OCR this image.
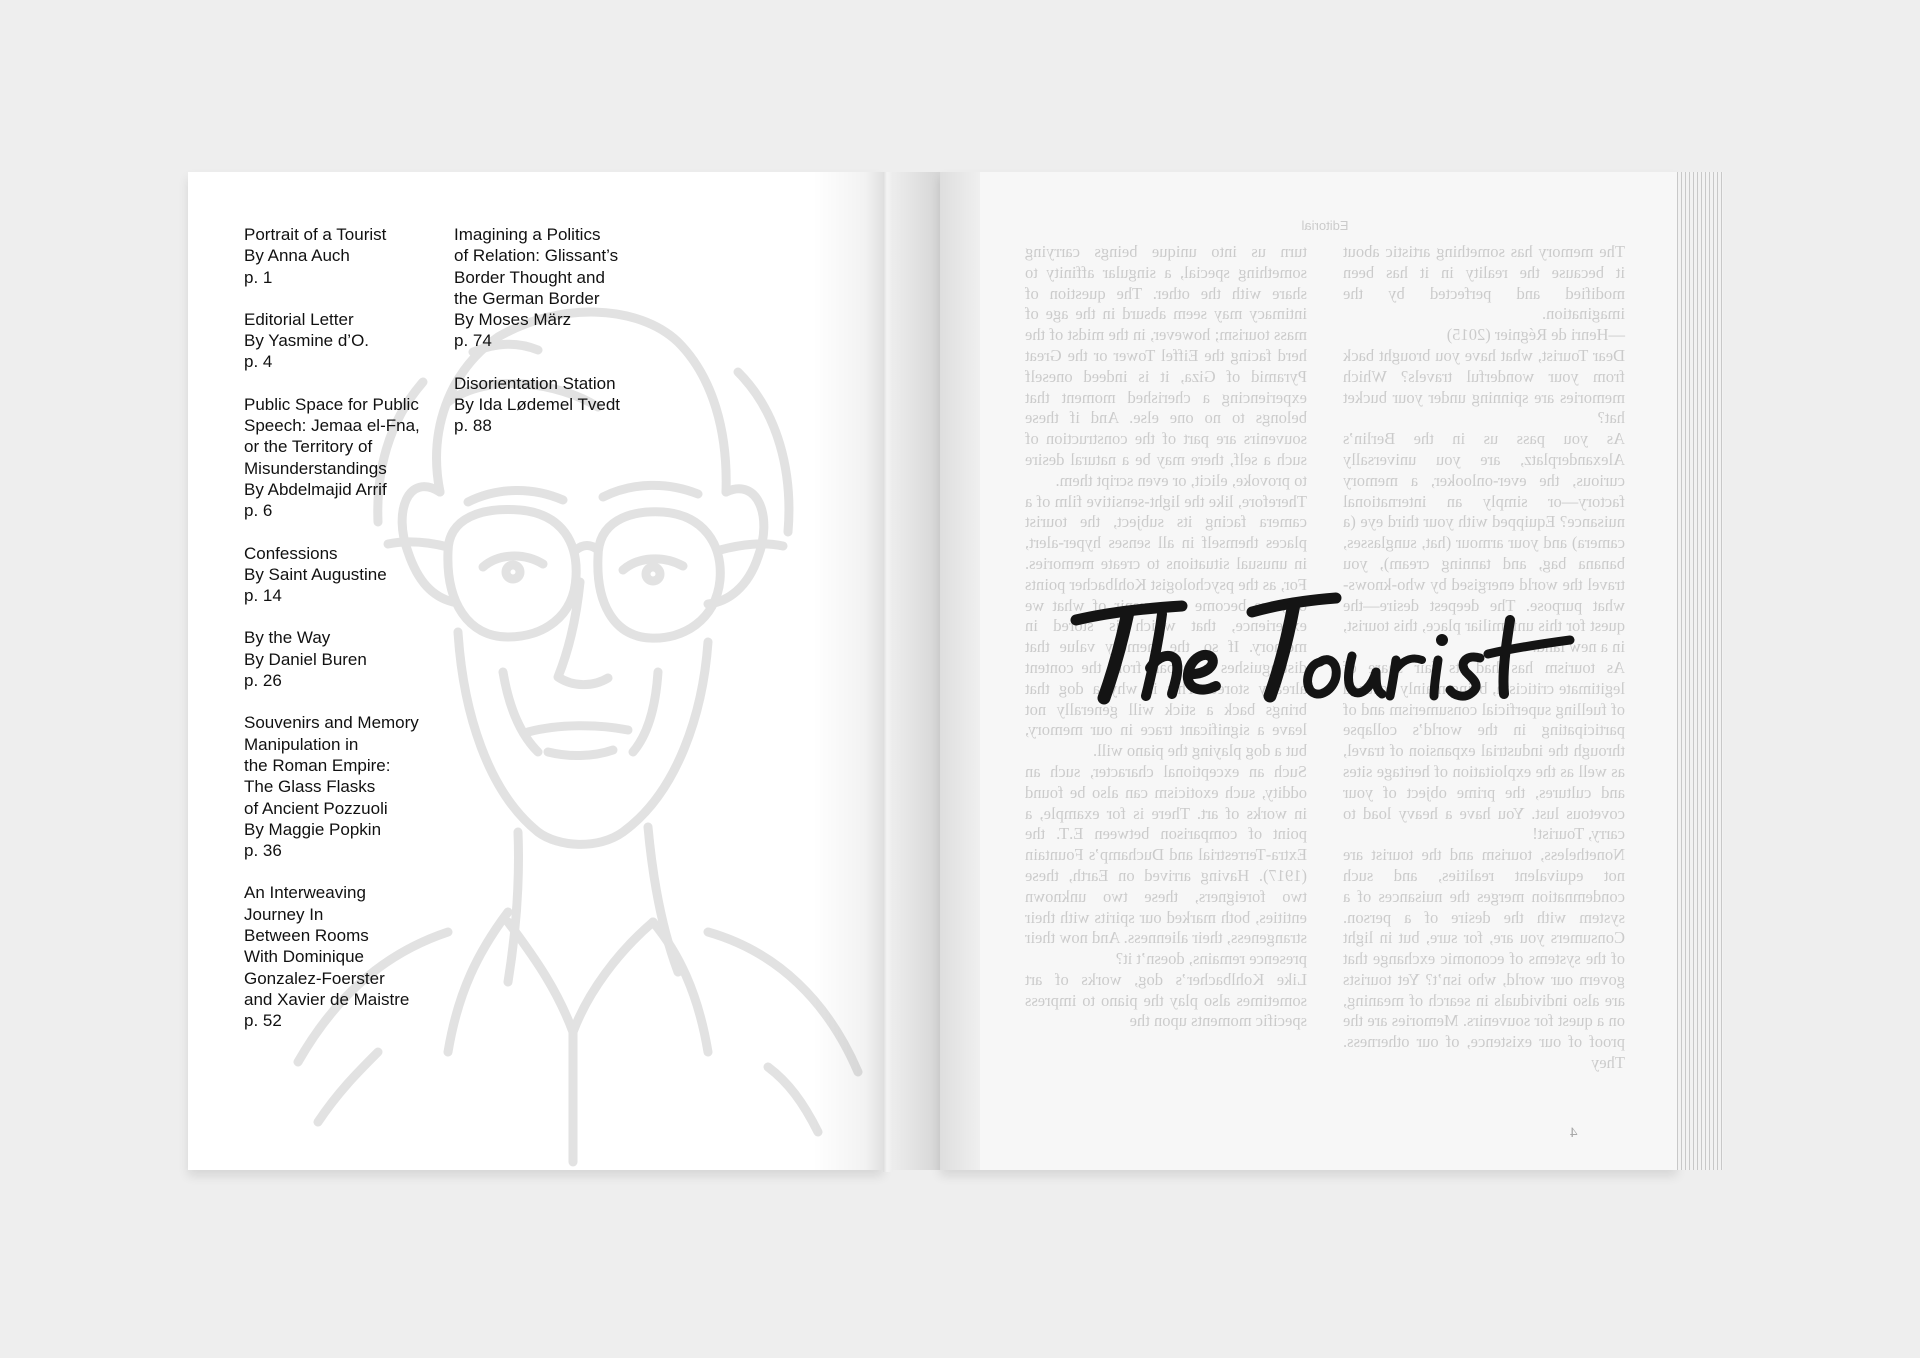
Portrait of a Tourist
By Anna Auch
p. 1
Editorial Letter
By Yasmine d’O.
p. 4
Public Space for Public
Speech: Jemaa el-Fna,
or the Territory of
Misunderstandings
By Abdelmajid Arrif
p. 6
Confessions
By Saint Augustine
p. 14
By the Way
By Daniel Buren
p. 26
Souvenirs and Memory
Manipulation in
the Roman Empire:
The Glass Flasks
of Ancient Pozzuoli
By Maggie Popkin
p. 36
An Interweaving
Journey In
Between Rooms
With Dominique
Gonzalez-Foerster
and Xavier de Maistre
p. 52
Imagining a Politics
of Relation: Glissant’s
Border Thought and
the German Border
By Moses März
p. 74
Disorientation Station
By Ida Lødemel Tvedt
p. 88
Editorial

The memory has something artistic about it because the reality in it has been modified and perfected by the imagination.

—Henri de Régnier (2015)

Dear Tourist, what have you brought back from your wonderful travels? Which memories are spinning under your bucket hat?

As you pass us in the Berlin’s Alexanderplatz, are you universally curious, the ever-onlooker, a memory factory—or simply an international nuisance? Equipped with your third eye (a camera) and your armour (hat, sunglasses, banana bag, and tanning cream), you travel the world energised by who-knows-what purpose. The deepest desire—the quest for this unfamiliar place, this tourist, in a new land.

As tourism has had its fair share of legitimate criticism, being mainly accused of fuelling superficial consumerism and of participating in the world’s collapse through the industrial expansion of travel, as well as the exploitation of heritage sites and cultures, the prime object of your covetous lust. You have a heavy load to carry, Tourist!

Nonetheless, tourism and the tourist are not equivalent realities, and such condemnation merges the nuisances of a system with the desire of a person. Consumers you are, for sure, but in light of the systems of economic exchange that govern our world, who isn’t? Yet tourists are also individuals in search of meaning, on a quest for souvenirs. Memories are the proof of our existence, of our otherness. They

turn us into unique beings carrying something special, a singular affinity to share with the other. The question of intimacy may seem absurd in the age of mass tourism; however, in the midst of the herd facing the Eiffel Tower or the Great Pyramid of Giza, it is indeed oneself experiencing a cherished moment that belongs to no one else. And if these souvenirs are part of the construction of such a self, there may be a natural desire to provoke, elicit, or even script them.

Therefore, like the light-sensitive film of a camera facing its subject, the tourist places themself in all senses hyper-alert, in unusual situations to create memories. For, as the psychologist Kohlbacher points out, we become a souvenir of what we experience, that which is stored in memory. If so, the memory value that distinguishes it in part from the content already stored. This is why a dog that brings back a stick will generally not leave a significant trace in our memory, but a dog playing the piano will.

Such an exceptional character, such an oddity, such exoticism can also be found in works of art. There is for example, a point of comparison between E.T. the Extra-Terrestrial and Duchamp’s Fountain (1917). Having arrived on Earth, these two foreigners, these two unknown entities, both marked our spirits with their strangeness, their alienness. And now their presence remains, doesn’t it?

Like Kohlbacher’s dog, works of art sometimes also play the piano to impress specific moments upon the

4
